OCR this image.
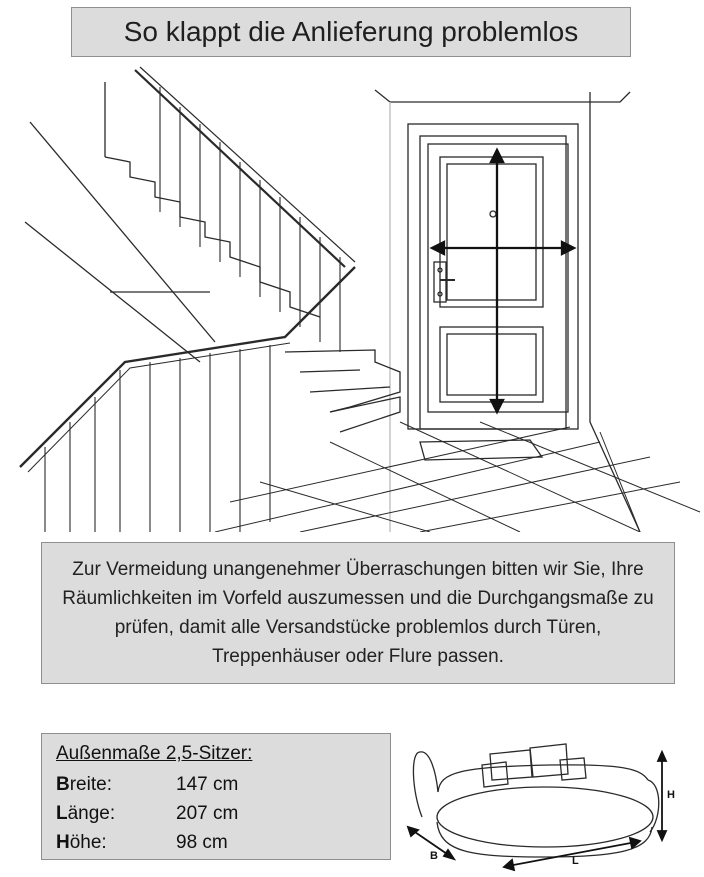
So klappt die Anlieferung problemlos
Zur Vermeidung unangenehmer Überraschungen bitten wir Sie, Ihre Räumlichkeiten im Vorfeld auszumessen und die Durchgangsmaße zu prüfen, damit alle Versandstücke problemlos durch Türen, Treppenhäuser oder Flure passen.
Außenmaße 2,5-Sitzer:
Breite:	147 cm
Länge:	207 cm
Höhe:	98 cm
H
B	L
